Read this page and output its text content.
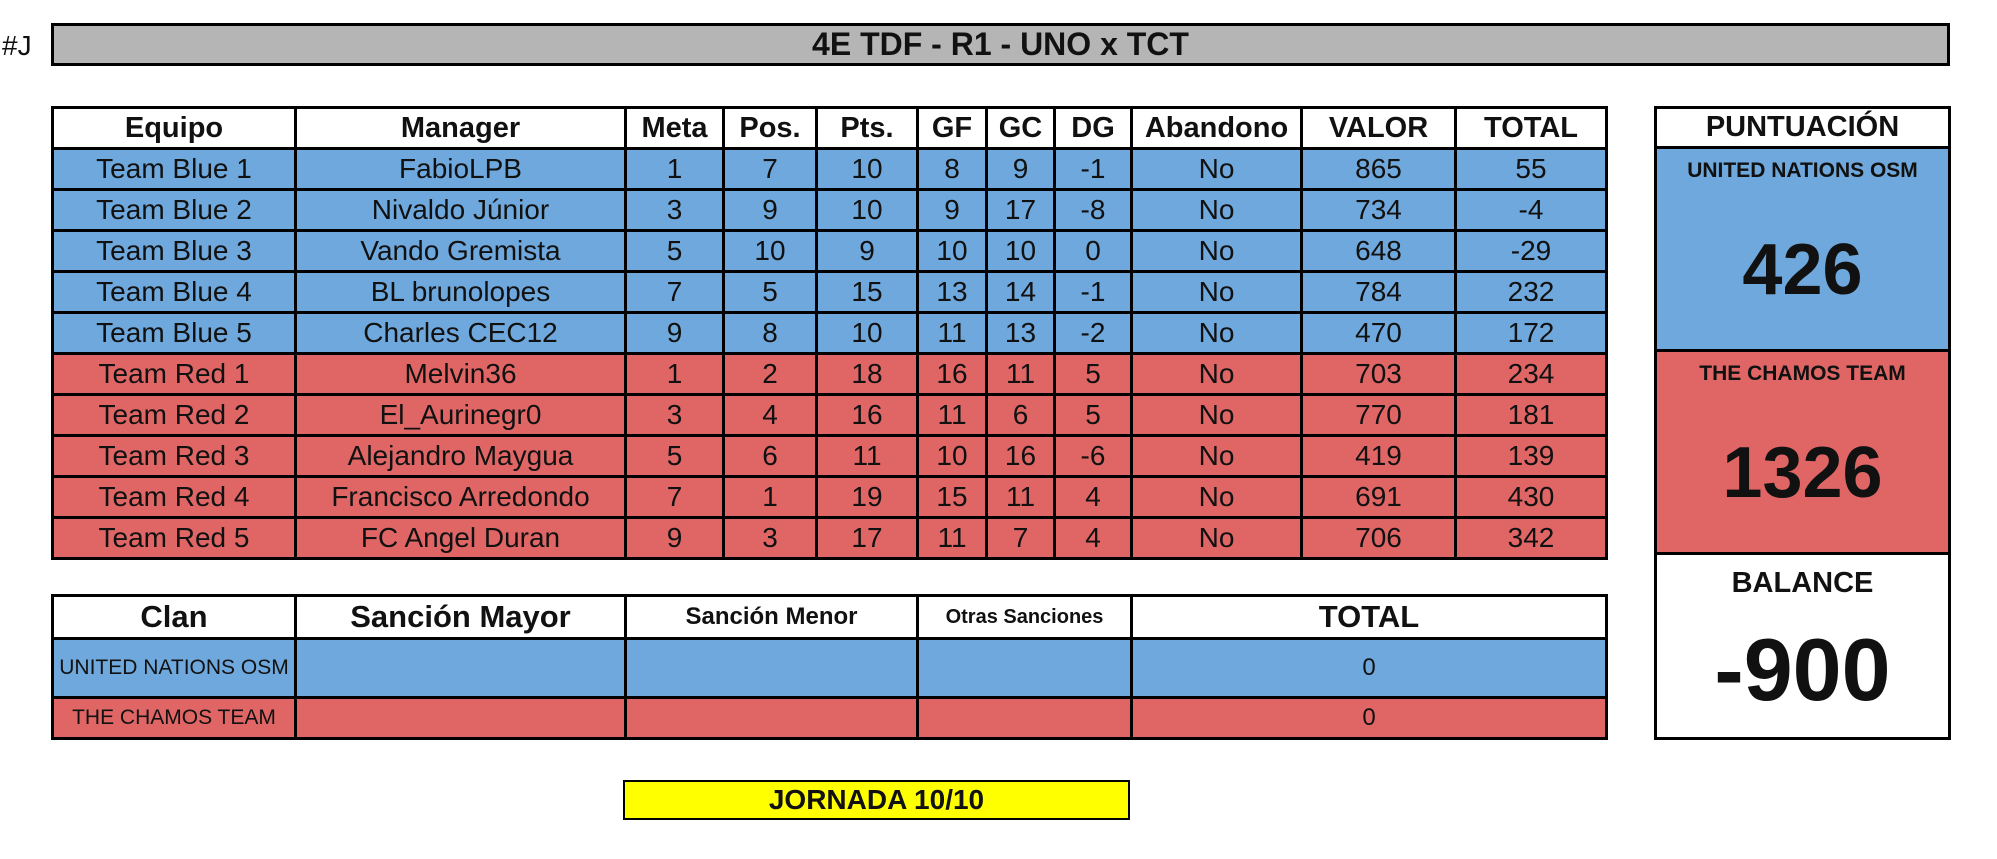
#J	4E TDF - R1 - UNO x TCT
Equipo	Manager	Meta	Pos.	Pts.	GF	GC	DG	Abandono	VALOR	TOTAL
Team Blue 1	FabioLPB	1	7	10	8	9	-1	No	865	55
Team Blue 2	Nivaldo Júnior	3	9	10	9	17	-8	No	734	-4
Team Blue 3	Vando Gremista	5	10	9	10	10	0	No	648	-29
Team Blue 4	BL brunolopes	7	5	15	13	14	-1	No	784	232
Team Blue 5	Charles CEC12	9	8	10	11	13	-2	No	470	172
Team Red 1	Melvin36	1	2	18	16	11	5	No	703	234
Team Red 2	El_Aurinegr0	3	4	16	11	6	5	No	770	181
Team Red 3	Alejandro Maygua	5	6	11	10	16	-6	No	419	139
Team Red 4	Francisco Arredondo	7	1	19	15	11	4	No	691	430
Team Red 5	FC Angel Duran	9	3	17	11	7	4	No	706	342
PUNTUACIÓN
UNITED NATIONS OSM
426
THE CHAMOS TEAM
1326
BALANCE
-900
Clan	Sanción Mayor	Sanción Menor	Otras Sanciones	TOTAL
UNITED NATIONS OSM				0
THE CHAMOS TEAM				0
JORNADA 10/10
